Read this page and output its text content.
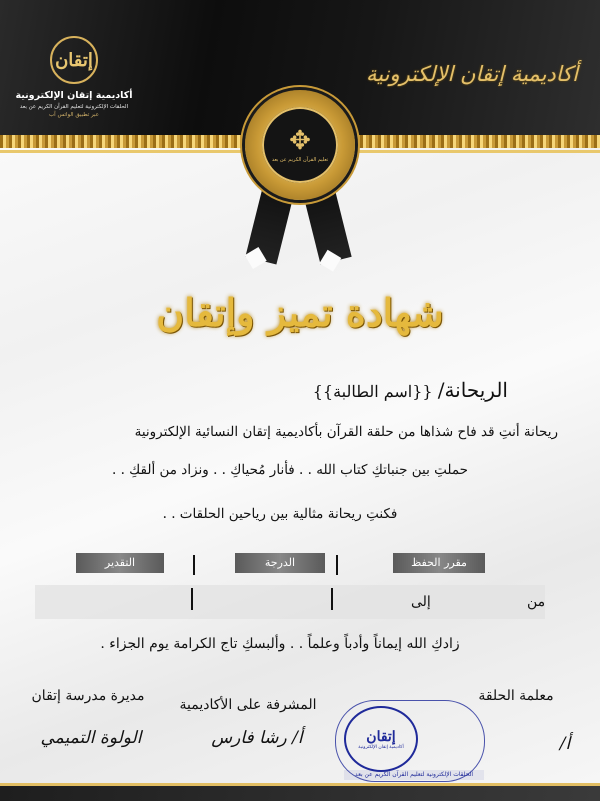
إتقان
أكاديمية إتقان الإلكترونية
الحلقات الإلكترونية لتعليم القرآن الكريم عن بعد
عبر تطبيق الواتس آب
أكاديمية إتقان الإلكترونية
✥
تعليم القرآن الكريم عن بعد
شهادة تميز وإتقان
الريحانة/ {{اسم الطالبة}}
ريحانة أنتِ قد فاح شذاها من حلقة القرآن بأكاديمية إتقان النسائية الإلكترونية
حملتِ بين جنباتكِ كتاب الله . . فأنار مُحياكِ . . ونزاد من ألقكِ . .
فكنتِ ريحانة مثالية بين رياحين الحلقات . .
مقرر الحفظ
الدرجة
التقدير
من
إلى
زادكِ الله إيماناً وأدباً وعلماً . . وألبسكِ تاج الكرامة يوم الجزاء .
معلمة الحلقة
المشرفة على الأكاديمية
مديرة مدرسة إتقان
أ/
أ/ رشا فارس
الولوة التميمي	إتقان
أكاديمية إتقان الإلكترونية
الحلقات الإلكترونية لتعليم القرآن الكريم عن بعد
